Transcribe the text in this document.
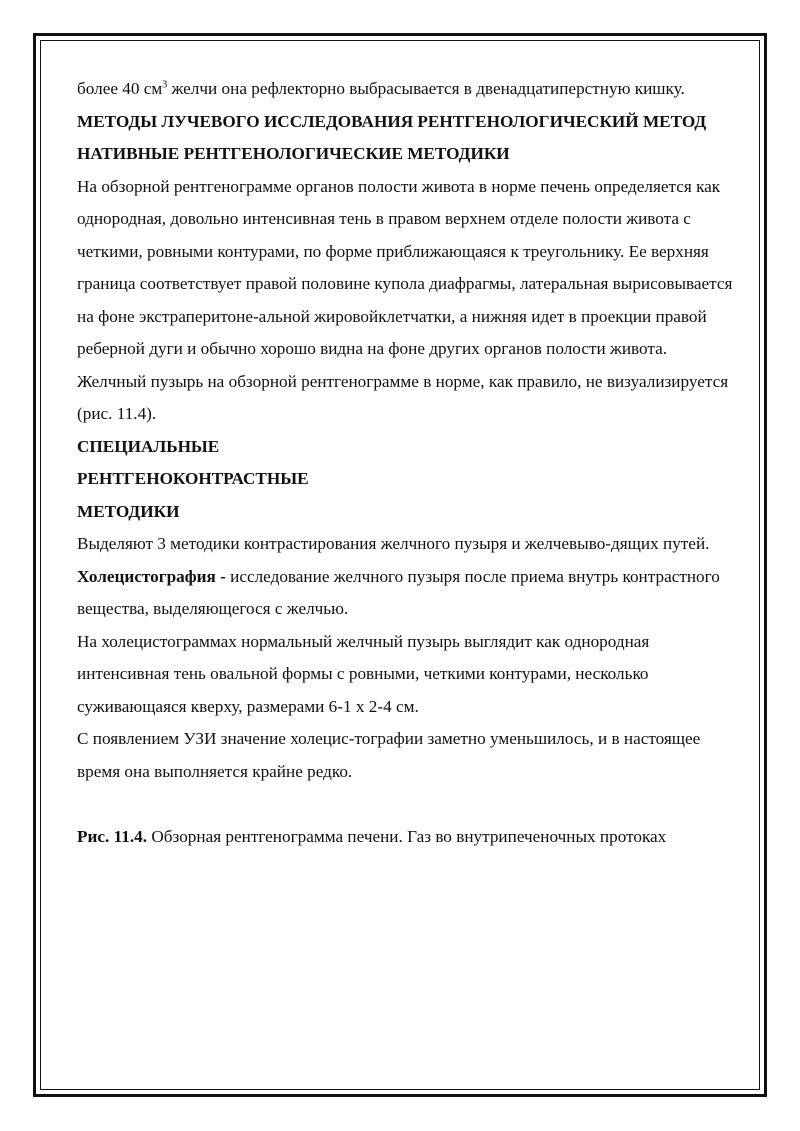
более 40 $см^3$ желчи она рефлекторно выбрасывается в двенадцатиперстную кишку.

МЕТОДЫ ЛУЧЕВОГО ИССЛЕДОВАНИЯ РЕНТГЕНОЛОГИЧЕСКИЙ МЕТОД

НАТИВНЫЕ РЕНТГЕНОЛОГИЧЕСКИЕ МЕТОДИКИ

На обзорной рентгенограмме органов полости живота в норме печень определяется как однородная, довольно интенсивная тень в правом верхнем отделе полости живота с четкими, ровными контурами, по форме приближающаяся к треугольнику. Ее верхняя граница соответствует правой половине купола диафрагмы, латеральная вырисовывается на фоне экстраперитоне-альной жировойклетчатки, а нижняя идет в проекции правой реберной дуги и обычно хорошо видна на фоне других органов полости живота. Желчный пузырь на обзорной рентгенограмме в норме, как правило, не визуализируется (рис. 11.4).

СПЕЦИАЛЬНЫЕ

РЕНТГЕНОКОНТРАСТНЫЕ

МЕТОДИКИ

Выделяют 3 методики контрастирования желчного пузыря и желчевыво-дящих путей.

Холецистография - исследование желчного пузыря после приема внутрь контрастного вещества, выделяющегося с желчью.

На холецистограммах нормальный желчный пузырь выглядит как однородная интенсивная тень овальной формы с ровными, четкими контурами, несколько суживающаяся кверху, размерами 6-1 х 2-4 см.

С появлением УЗИ значение холецис-тографии заметно уменьшилось, и в настоящее время она выполняется крайне редко.

Рис. 11.4. Обзорная рентгенограмма печени. Газ во внутрипеченочных протоках
